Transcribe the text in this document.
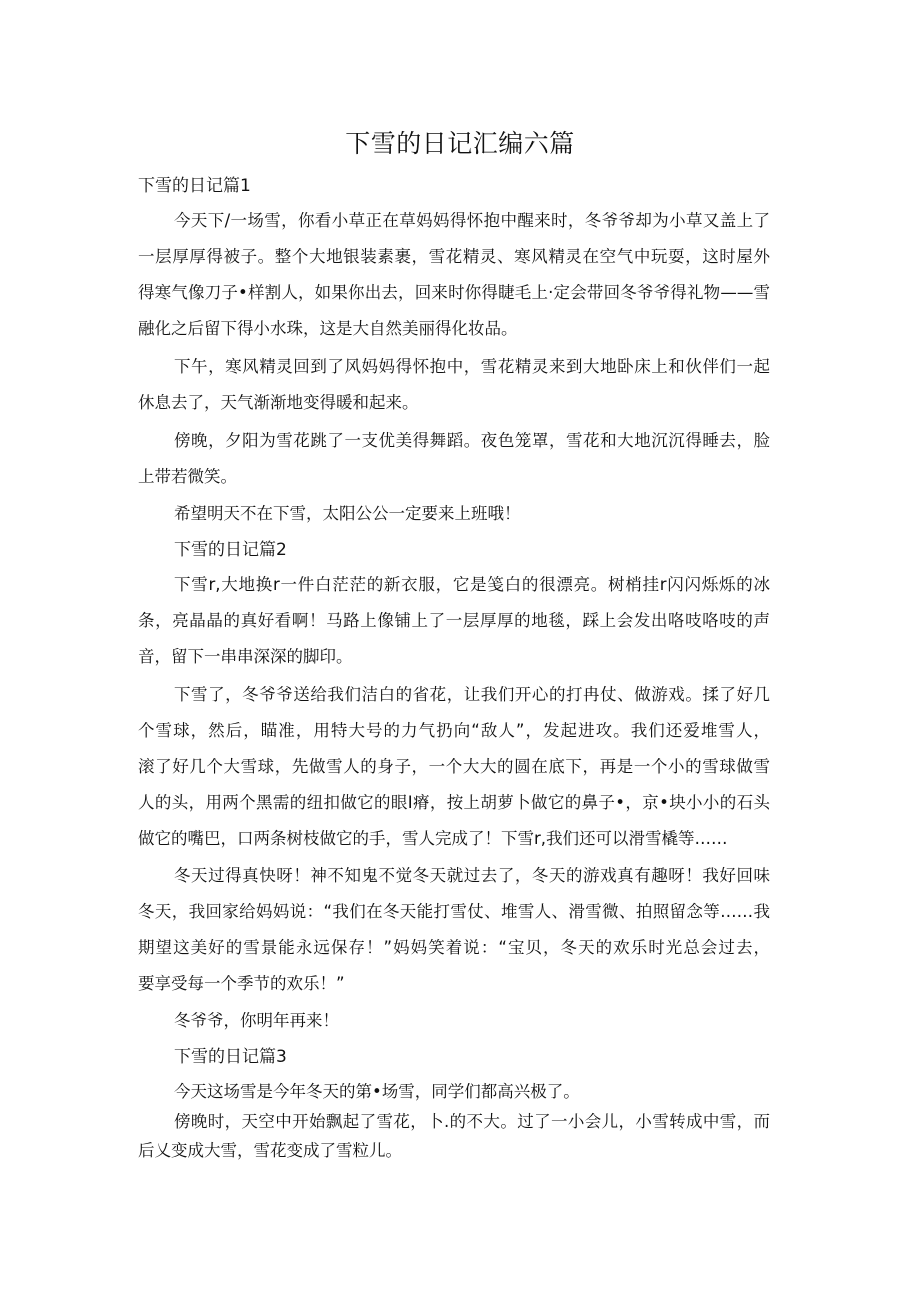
下雪的日记汇编六篇

下雪的日记篇1

今天下/一场雪，你看小草正在草妈妈得怀抱中醒来时，冬爷爷却为小草又盖上了

一层厚厚得被子。整个大地银装素裹，雪花精灵、寒风精灵在空气中玩耍，这时屋外

得寒气像刀子•样割人，如果你出去，回来时你得睫毛上·定会带回冬爷爷得礼物——雪

融化之后留下得小水珠，这是大自然美丽得化妆品。

下午，寒风精灵回到了风妈妈得怀抱中，雪花精灵来到大地卧床上和伙伴们一起

休息去了，天气渐渐地变得暖和起来。

傍晚，夕阳为雪花跳了一支优美得舞蹈。夜色笼罩，雪花和大地沉沉得睡去，脸

上带若微笑。

希望明天不在下雪，太阳公公一定要来上班哦！

下雪的日记篇2

下雪r,大地换r一件白茫茫的新衣服，它是笺白的很漂亮。树梢挂r闪闪烁烁的冰

条，亮晶晶的真好看啊！马路上像铺上了一层厚厚的地毯，踩上会发出咯吱咯吱的声

音，留下一串串深深的脚印。

下雪了，冬爷爷送给我们洁白的省花，让我们开心的打冉仗、做游戏。揉了好几

个雪球，然后，瞄准，用特大号的力气扔向“敌人”，发起进攻。我们还爱堆雪人，

滚了好几个大雪球，先做雪人的身子，一个大大的圆在底下，再是一个小的雪球做雪

人的头，用两个黑需的纽扣做它的眼Ⅰ瘠，按上胡萝卜做它的鼻子•，京•块小小的石头

做它的嘴巴，口两条树枝做它的手，雪人完成了！下雪r,我们还可以滑雪橇等……

冬天过得真快呀！神不知鬼不觉冬天就过去了，冬天的游戏真有趣呀！我好回味

冬天，我回家给妈妈说：“我们在冬天能打雪仗、堆雪人、滑雪微、拍照留念等……我

期望这美好的雪景能永远保存！”妈妈笑着说：“宝贝，冬天的欢乐时光总会过去，

要享受每一个季节的欢乐！”

冬爷爷，你明年再来！

下雪的日记篇3

今天这场雪是今年冬天的第•场雪，同学们都高兴极了。

傍晚时，天空中开始飘起了雪花，卜.的不大。过了一小会儿，小雪转成中雪，而

后乂变成大雪，雪花变成了雪粒儿。
